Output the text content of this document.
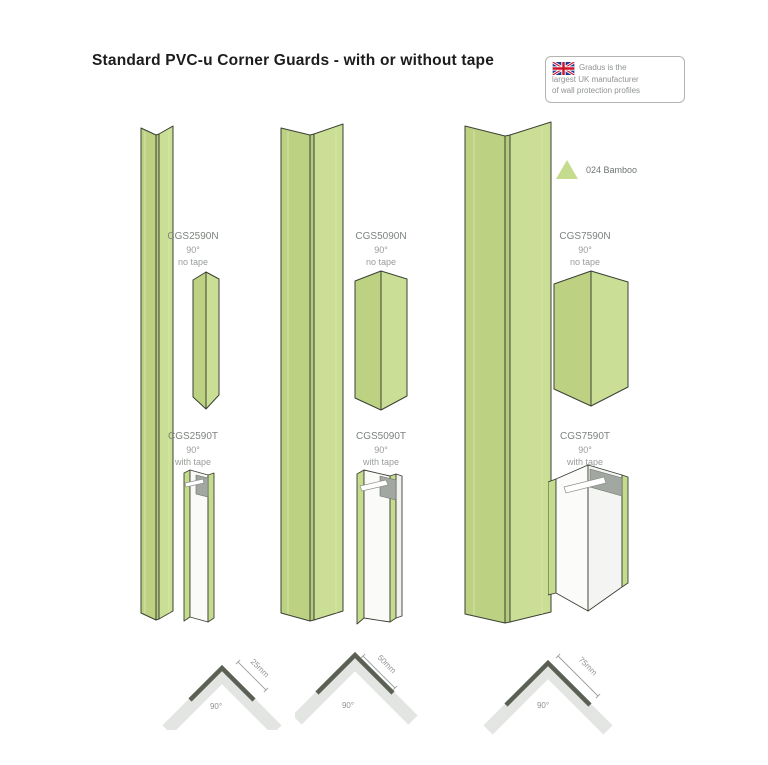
Standard PVC-u Corner Guards - with or without tape	Gradus is the
largest UK manufacturer
of wall protection profiles
024 Bamboo
CGS2590N
90°
no tape
CGS2590T
90°
with tape
25mm
90°
CGS5090N
90°
no tape
CGS5090T
90°
with tape
50mm
90°
CGS7590N
90°
no tape
CGS7590T
90°
with tape
75mm
90°
